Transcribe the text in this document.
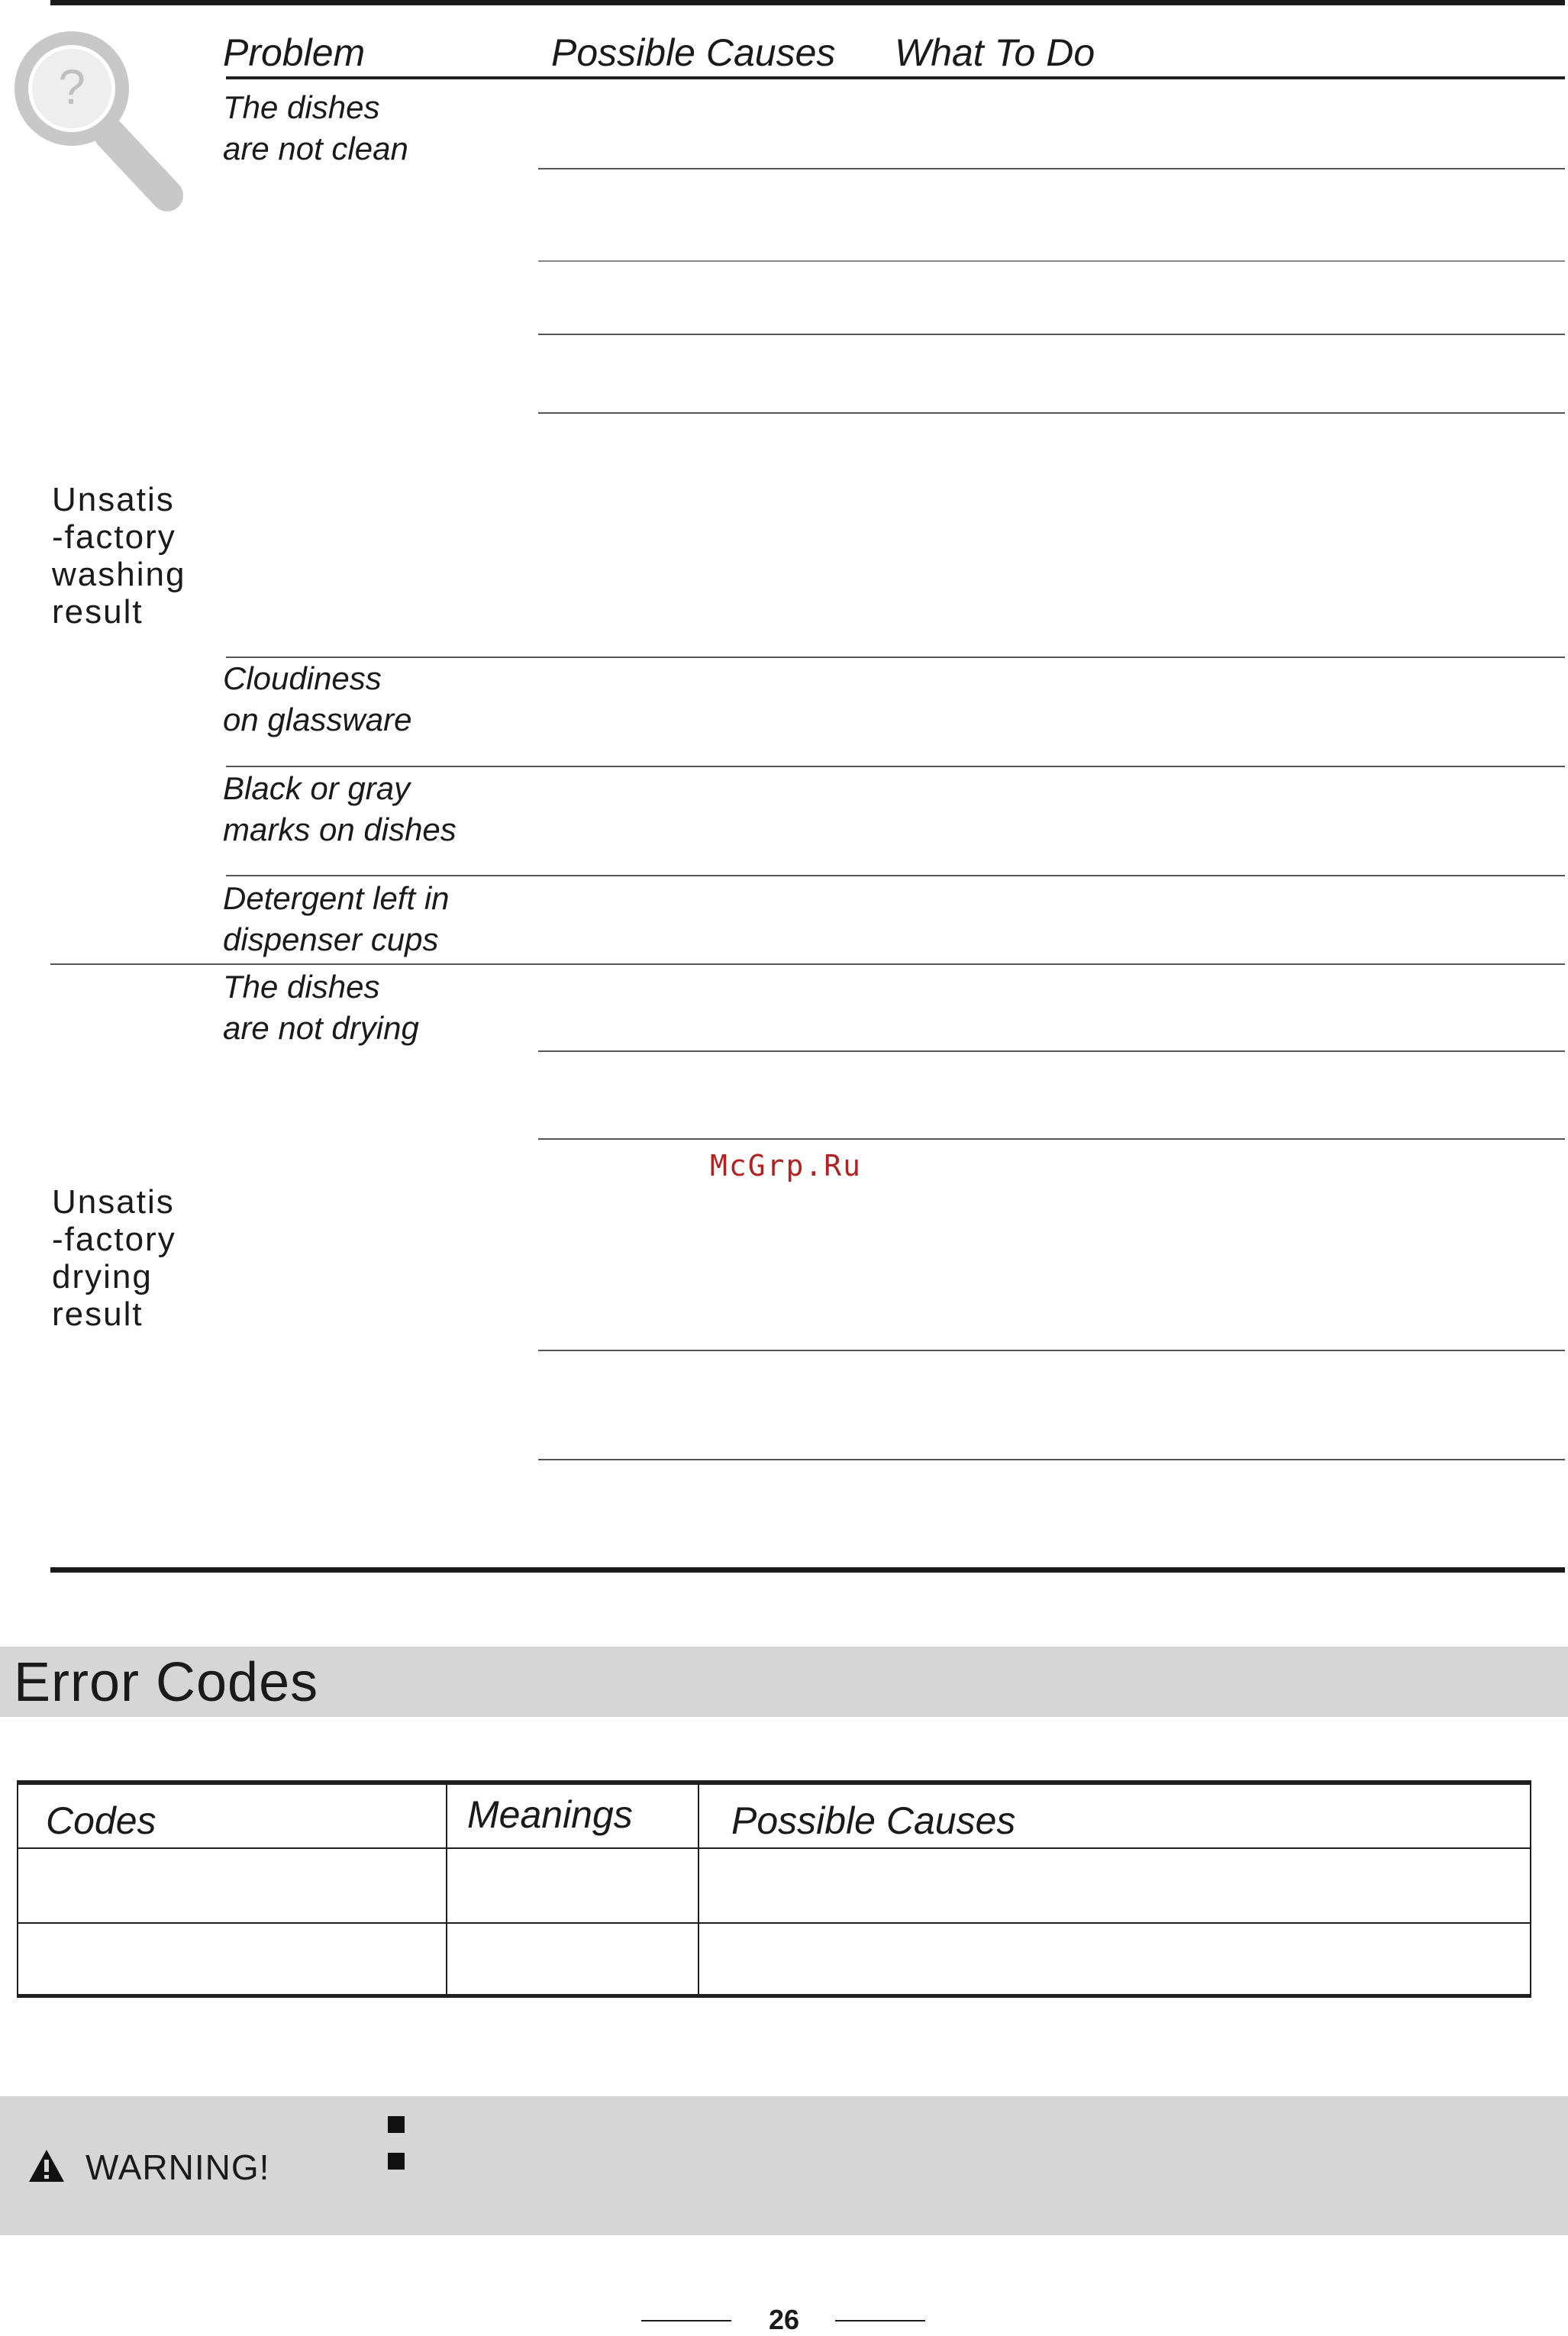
?
Problem	Possible Causes What To Do
The dishes
are not clean
Cloudiness
on glassware
Black or gray
marks on dishes
Detergent left in
dispenser cups
The dishes
are not drying
Unsatis
-factory
washing
result
Unsatis
-factory
drying
result
McGrp.Ru
Error Codes
Codes	Meanings	Possible Causes
WARNING!
26
